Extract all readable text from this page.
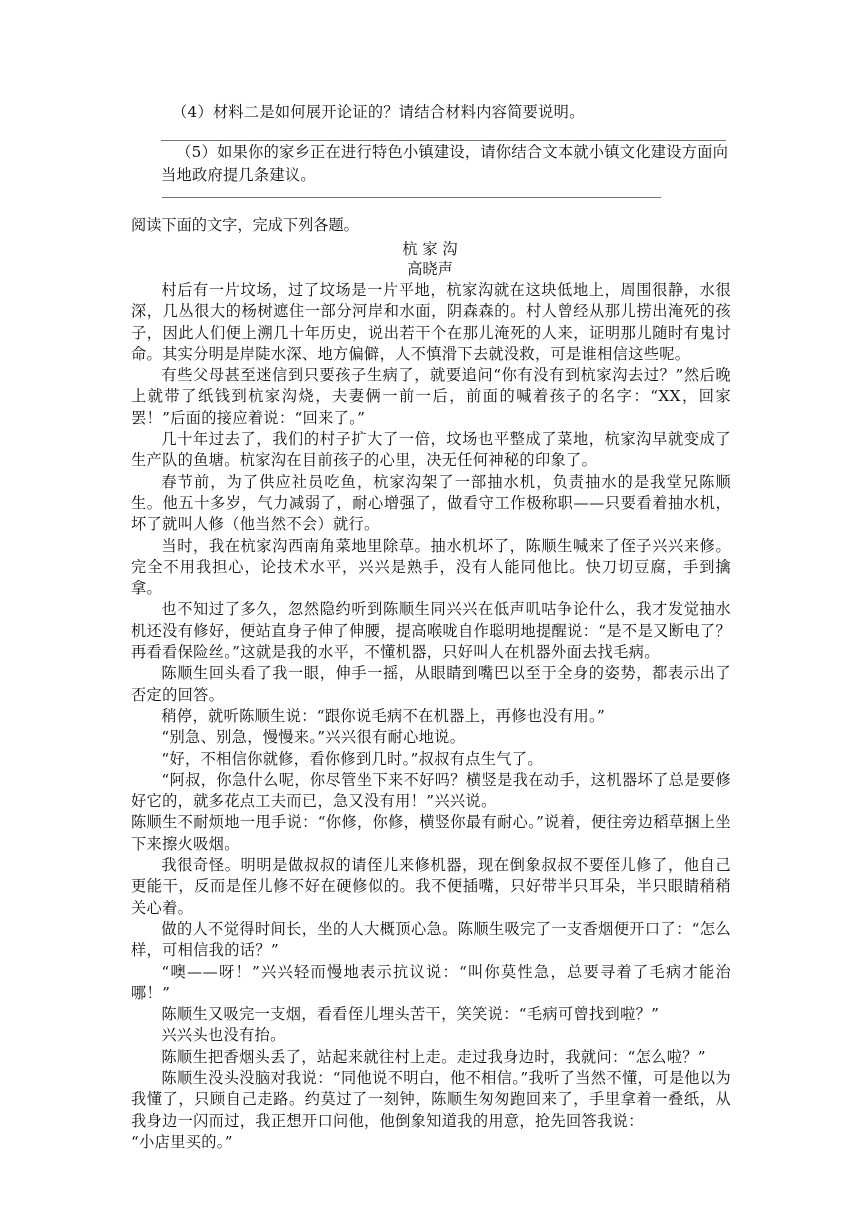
（4）材料二是如何展开论证的？请结合材料内容简要说明。
（5）如果你的家乡正在进行特色小镇建设，请你结合文本就小镇文化建设方面向当地政府提几条建议。
阅读下面的文字，完成下列各题。
杭 家 沟
高晓声

村后有一片坟场，过了坟场是一片平地，杭家沟就在这块低地上，周围很静，水很深，几丛很大的杨树遮住一部分河岸和水面，阴森森的。村人曾经从那儿捞出淹死的孩子，因此人们便上溯几十年历史，说出若干个在那儿淹死的人来，证明那儿随时有鬼讨命。其实分明是岸陡水深、地方偏僻，人不慎滑下去就没救，可是谁相信这些呢。

有些父母甚至迷信到只要孩子生病了，就要追问“你有没有到杭家沟去过？”然后晚上就带了纸钱到杭家沟烧，夫妻俩一前一后，前面的喊着孩子的名字：“XX，回家罢！”后面的接应着说：“回来了。”

几十年过去了，我们的村子扩大了一倍，坟场也平整成了菜地，杭家沟早就变成了生产队的鱼塘。杭家沟在目前孩子的心里，决无任何神秘的印象了。

春节前，为了供应社员吃鱼，杭家沟架了一部抽水机，负责抽水的是我堂兄陈顺生。他五十多岁，气力减弱了，耐心增强了，做看守工作极称职——只要看着抽水机，坏了就叫人修（他当然不会）就行。

当时，我在杭家沟西南角菜地里除草。抽水机坏了，陈顺生喊来了侄子兴兴来修。完全不用我担心，论技术水平，兴兴是熟手，没有人能同他比。快刀切豆腐，手到擒拿。

也不知过了多久，忽然隐约听到陈顺生同兴兴在低声叽咕争论什么，我才发觉抽水机还没有修好，便站直身子伸了伸腰，提高喉咙自作聪明地提醒说：“是不是又断电了？再看看保险丝。”这就是我的水平，不懂机器，只好叫人在机器外面去找毛病。

陈顺生回头看了我一眼，伸手一摇，从眼睛到嘴巴以至于全身的姿势，都表示出了否定的回答。

稍停，就听陈顺生说：“跟你说毛病不在机器上，再修也没有用。”

“别急、别急，慢慢来。”兴兴很有耐心地说。

“好，不相信你就修，看你修到几时。”叔叔有点生气了。

“阿叔，你急什么呢，你尽管坐下来不好吗？横竖是我在动手，这机器坏了总是要修好它的，就多花点工夫而已，急又没有用！”兴兴说。

陈顺生不耐烦地一甩手说：“你修，你修，横竖你最有耐心。”说着，便往旁边稻草捆上坐下来擦火吸烟。

我很奇怪。明明是做叔叔的请侄儿来修机器，现在倒象叔叔不要侄儿修了，他自己更能干，反而是侄儿修不好在硬修似的。我不便插嘴，只好带半只耳朵，半只眼睛稍稍关心着。

做的人不觉得时间长，坐的人大概顶心急。陈顺生吸完了一支香烟便开口了：“怎么样，可相信我的话？”

“噢——呀！”兴兴轻而慢地表示抗议说：“叫你莫性急，总要寻着了毛病才能治哪！”

陈顺生又吸完一支烟，看看侄儿埋头苦干，笑笑说：“毛病可曾找到啦？”

兴兴头也没有抬。

陈顺生把香烟头丢了，站起来就往村上走。走过我身边时，我就问：“怎么啦？”

陈顺生没头没脑对我说：“同他说不明白，他不相信。”我听了当然不懂，可是他以为我懂了，只顾自己走路。约莫过了一刻钟，陈顺生匆匆跑回来了，手里拿着一叠纸，从我身边一闪而过，我正想开口问他，他倒象知道我的用意，抢先回答我说：

“小店里买的。”
